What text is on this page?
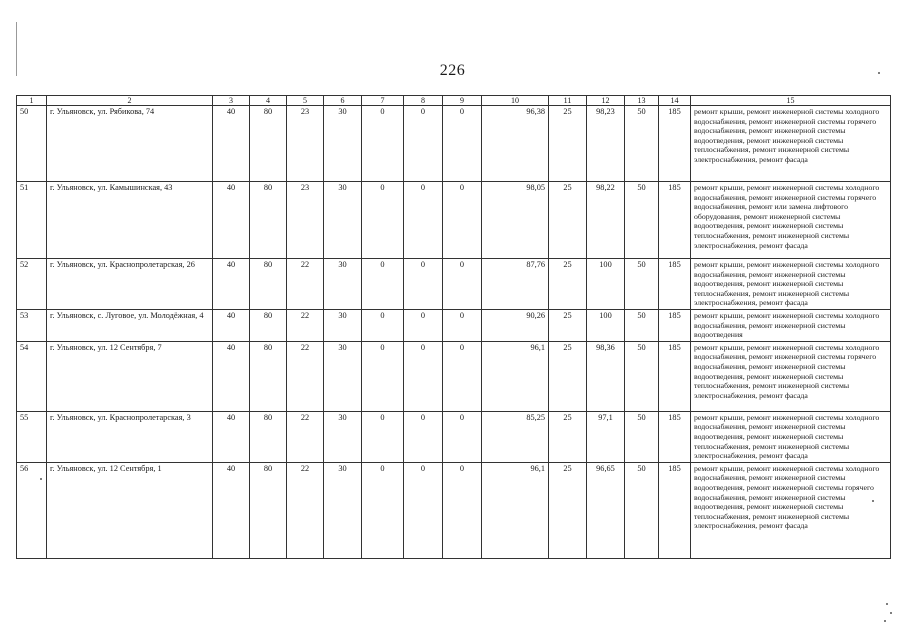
226
1	2	3	4	5	6	7	8	9	10	11	12	13	14	15
50	г. Ульяновск, ул. Рябикова, 74	40	80	23	30	0	0	0	96,38	25	98,23	50	185	ремонт крыши, ремонт инженерной системы холодного водоснабжения, ремонт инженерной системы горячего водоснабжения, ремонт инженерной системы водоотведения, ремонт инженерной системы теплоснабжения, ремонт инженерной системы электроснабжения, ремонт фасада
51	г. Ульяновск, ул. Камышинская, 43	40	80	23	30	0	0	0	98,05	25	98,22	50	185	ремонт крыши, ремонт инженерной системы холодного водоснабжения, ремонт инженерной системы горячего водоснабжения, ремонт или замена лифтового оборудования, ремонт инженерной системы водоотведения, ремонт инженерной системы теплоснабжения, ремонт инженерной системы электроснабжения, ремонт фасада
52	г. Ульяновск, ул. Краснопролетарская, 26	40	80	22	30	0	0	0	87,76	25	100	50	185	ремонт крыши, ремонт инженерной системы холодного водоснабжения, ремонт инженерной системы водоотведения, ремонт инженерной системы теплоснабжения, ремонт инженерной системы электроснабжения, ремонт фасада
53	г. Ульяновск, с. Луговое, ул. Молодёжная, 4	40	80	22	30	0	0	0	90,26	25	100	50	185	ремонт крыши, ремонт инженерной системы холодного водоснабжения, ремонт инженерной системы водоотведения
54	г. Ульяновск, ул. 12 Сентября, 7	40	80	22	30	0	0	0	96,1	25	98,36	50	185	ремонт крыши, ремонт инженерной системы холодного водоснабжения, ремонт инженерной системы горячего водоснабжения, ремонт инженерной системы водоотведения, ремонт инженерной системы теплоснабжения, ремонт инженерной системы электроснабжения, ремонт фасада
55	г. Ульяновск, ул. Краснопролетарская, 3	40	80	22	30	0	0	0	85,25	25	97,1	50	185	ремонт крыши, ремонт инженерной системы холодного водоснабжения, ремонт инженерной системы водоотведения, ремонт инженерной системы теплоснабжения, ремонт инженерной системы электроснабжения, ремонт фасада
56	г. Ульяновск, ул. 12 Сентября, 1	40	80	22	30	0	0	0	96,1	25	96,65	50	185	ремонт крыши, ремонт инженерной системы холодного водоснабжения, ремонт инженерной системы водоотведения, ремонт инженерной системы горячего водоснабжения, ремонт инженерной системы водоотведения, ремонт инженерной системы теплоснабжения, ремонт инженерной системы электроснабжения, ремонт фасада
